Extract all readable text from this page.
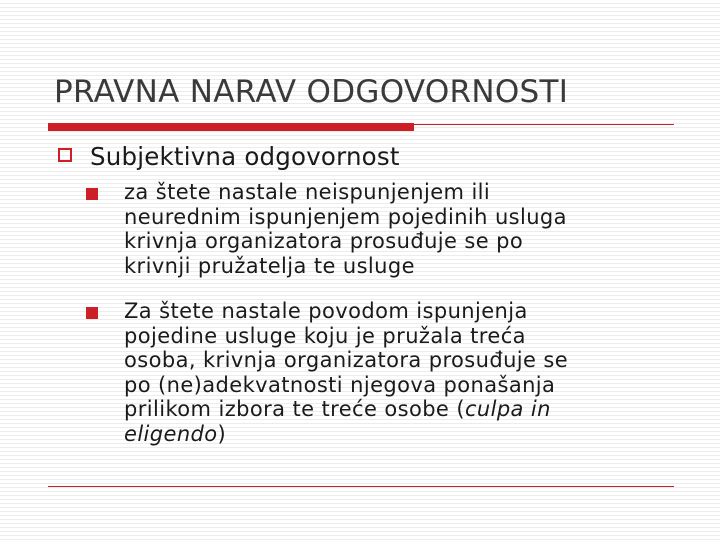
PRAVNA NARAV ODGOVORNOSTI
Subjektivna odgovornost
za štete nastale neispunjenjem ili
neurednim ispunjenjem pojedinih usluga
krivnja organizatora prosuđuje se po
krivnji pružatelja te usluge
Za štete nastale povodom ispunjenja
pojedine usluge koju je pružala treća
osoba, krivnja organizatora prosuđuje se
po (ne)adekvatnosti njegova ponašanja
prilikom izbora te treće osobe (culpa in
eligendo)
